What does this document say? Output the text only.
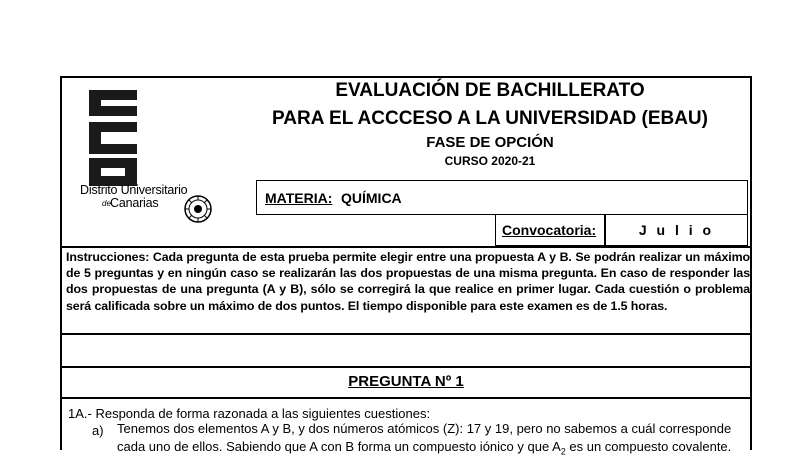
Distrito Universitario
de Canarias
EVALUACIÓN DE BACHILLERATO
PARA EL ACCCESO A LA UNIVERSIDAD (EBAU)
FASE DE OPCIÓN
CURSO 2020-21
MATERIA: QUÍMICA
Convocatoria:	J u l i o
Instrucciones: Cada pregunta de esta prueba permite elegir entre una propuesta A y B. Se podrán realizar un máximo de 5 preguntas y en ningún caso se realizarán las dos propuestas de una misma pregunta. En caso de responder las dos propuestas de una pregunta (A y B), sólo se corregirá la que realice en primer lugar. Cada cuestión o problema será calificada sobre un máximo de dos puntos. El tiempo disponible para este examen es de 1.5 horas.
PREGUNTA Nº 1
1A.- Responda de forma razonada a las siguientes cuestiones:
a) Tenemos dos elementos A y B, y dos números atómicos (Z): 17 y 19, pero no sabemos a cuál corresponde cada uno de ellos. Sabiendo que A con B forma un compuesto iónico y que $A_2$ es un compuesto covalente.
